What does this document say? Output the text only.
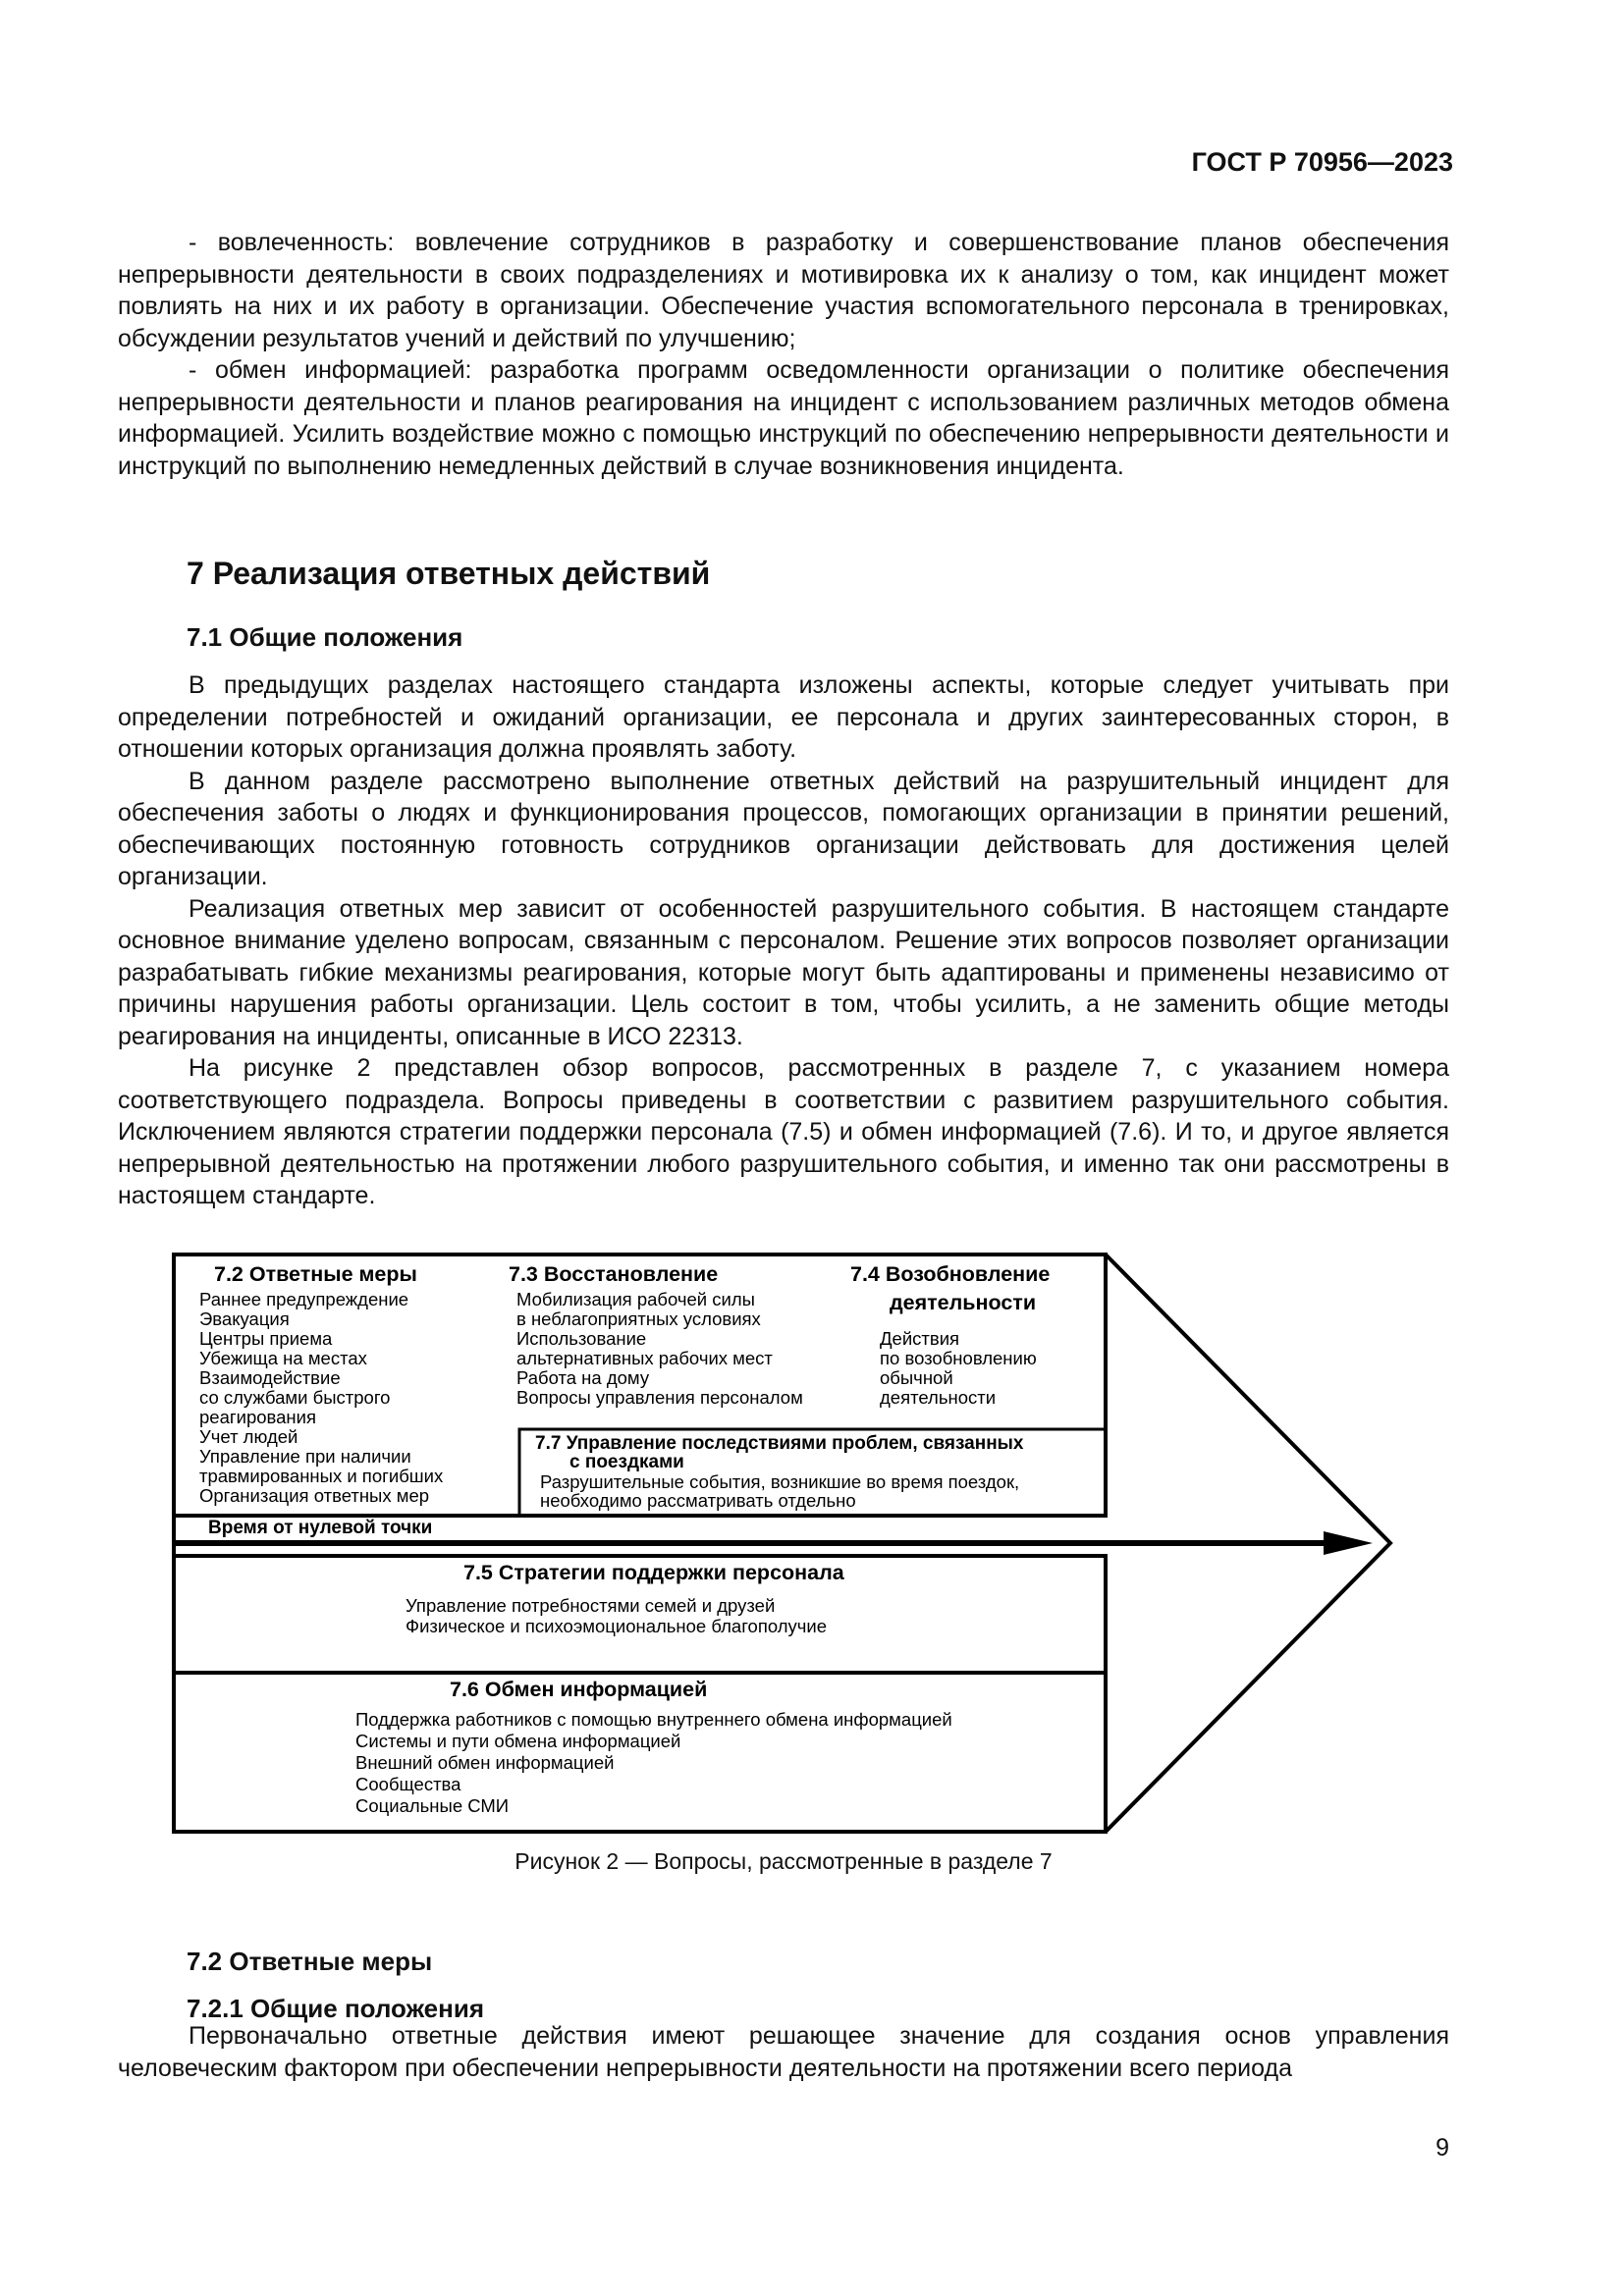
ГОСТ Р 70956—2023

- вовлеченность: вовлечение сотрудников в разработку и совершенствование планов обеспечения непрерывности деятельности в своих подразделениях и мотивировка их к анализу о том, как инцидент может повлиять на них и их работу в организации. Обеспечение участия вспомогательного персонала в тренировках, обсуждении результатов учений и действий по улучшению;

- обмен информацией: разработка программ осведомленности организации о политике обеспечения непрерывности деятельности и планов реагирования на инцидент с использованием различных методов обмена информацией. Усилить воздействие можно с помощью инструкций по обеспечению непрерывности деятельности и инструкций по выполнению немедленных действий в случае возникновения инцидента.

7 Реализация ответных действий
7.1 Общие положения

В предыдущих разделах настоящего стандарта изложены аспекты, которые следует учитывать при определении потребностей и ожиданий организации, ее персонала и других заинтересованных сторон, в отношении которых организация должна проявлять заботу.

В данном разделе рассмотрено выполнение ответных действий на разрушительный инцидент для обеспечения заботы о людях и функционирования процессов, помогающих организации в принятии решений, обеспечивающих постоянную готовность сотрудников организации действовать для достижения целей организации.

Реализация ответных мер зависит от особенностей разрушительного события. В настоящем стандарте основное внимание уделено вопросам, связанным с персоналом. Решение этих вопросов позволяет организации разрабатывать гибкие механизмы реагирования, которые могут быть адаптированы и применены независимо от причины нарушения работы организации. Цель состоит в том, чтобы усилить, а не заменить общие методы реагирования на инциденты, описанные в ИСО 22313.

На рисунке 2 представлен обзор вопросов, рассмотренных в разделе 7, с указанием номера соответствующего подраздела. Вопросы приведены в соответствии с развитием разрушительного события. Исключением являются стратегии поддержки персонала (7.5) и обмен информацией (7.6). И то, и другое является непрерывной деятельностью на протяжении любого разрушительного события, и именно так они рассмотрены в настоящем стандарте.

7.2 Ответные меры
Раннее предупреждение
Эвакуация
Центры приема
Убежища на местах
Взаимодействие
со службами быстрого
реагирования
Учет людей
Управление при наличии
травмированных и погибших
Организация ответных мер
7.3 Восстановление
Мобилизация рабочей силы
в неблагоприятных условиях
Использование
альтернативных рабочих мест
Работа на дому
Вопросы управления персоналом
7.4 Возобновление
деятельности
Действия
по возобновлению
обычной
деятельности
7.7 Управление последствиями проблем, связанных
с поездками
Разрушительные события, возникшие во время поездок,
необходимо рассматривать отдельно
Время от нулевой точки
7.5 Стратегии поддержки персонала
Управление потребностями семей и друзей
Физическое и психоэмоциональное благополучие
7.6 Обмен информацией
Поддержка работников с помощью внутреннего обмена информацией
Системы и пути обмена информацией
Внешний обмен информацией
Сообщества
Социальные СМИ
Рисунок 2 — Вопросы, рассмотренные в разделе 7
7.2 Ответные меры
7.2.1 Общие положения

Первоначально ответные действия имеют решающее значение для создания основ управления человеческим фактором при обеспечении непрерывности деятельности на протяжении всего периода

9
